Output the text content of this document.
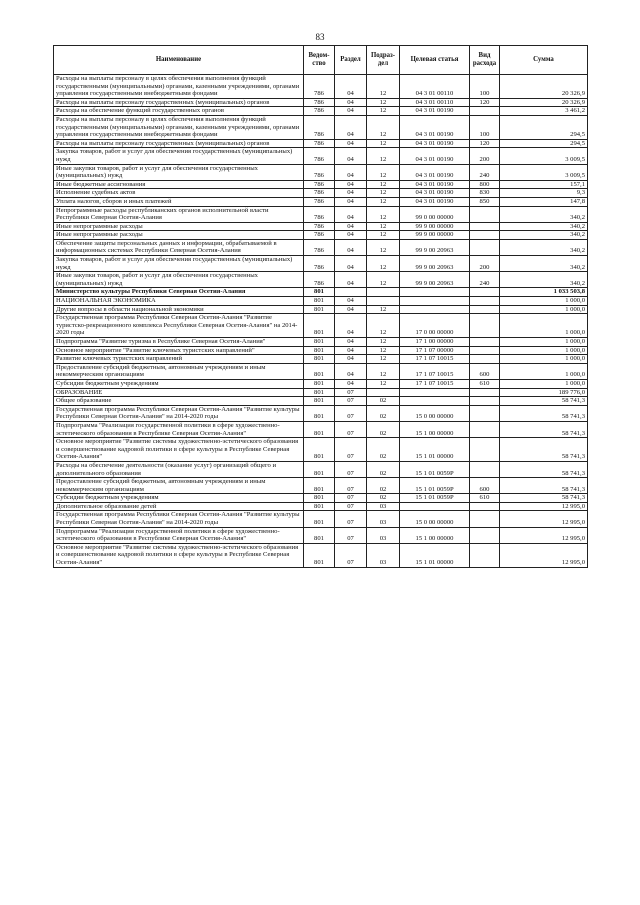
83
Наименование	Ведом-ство	Раздел	Подраз-дел	Целевая статья	Вид расхода	Сумма
Расходы на выплаты персоналу в целях обеспечения выполнения функций государственными (муниципальными) органами, казенными учреждениями, органами управления государственными внебюджетными фондами	786	04	12	04 3 01 00110	100	20 326,9
Расходы на выплаты персоналу государственных (муниципальных) органов	786	04	12	04 3 01 00110	120	20 326,9
Расходы на обеспечение функций государственных органов	786	04	12	04 3 01 00190		3 461,2
Расходы на выплаты персоналу в целях обеспечения выполнения функций государственными (муниципальными) органами, казенными учреждениями, органами управления государственными внебюджетными фондами	786	04	12	04 3 01 00190	100	294,5
Расходы на выплаты персоналу государственных (муниципальных) органов	786	04	12	04 3 01 00190	120	294,5
Закупка товаров, работ и услуг для обеспечения государственных (муниципальных) нужд	786	04	12	04 3 01 00190	200	3 009,5
Иные закупки товаров, работ и услуг для обеспечения государственных (муниципальных) нужд	786	04	12	04 3 01 00190	240	3 009,5
Иные бюджетные ассигнования	786	04	12	04 3 01 00190	800	157,1
Исполнение судебных актов	786	04	12	04 3 01 00190	830	9,3
Уплата налогов, сборов и иных платежей	786	04	12	04 3 01 00190	850	147,8
Непрограммные расходы республиканских органов исполнительной власти Республики Северная Осетия-Алания	786	04	12	99 0 00 00000		340,2
Иные непрограммные расходы	786	04	12	99 9 00 00000		340,2
Иные непрограммные расходы	786	04	12	99 9 00 00000		340,2
Обеспечение защиты персональных данных и информации, обрабатываемой в информационных системах Республики Северная Осетия-Алания	786	04	12	99 9 00 20963		340,2
Закупка товаров, работ и услуг для обеспечения государственных (муниципальных) нужд	786	04	12	99 9 00 20963	200	340,2
Иные закупки товаров, работ и услуг для обеспечения государственных (муниципальных) нужд	786	04	12	99 9 00 20963	240	340,2
Министерство культуры Республики Северная Осетия-Алания	801					1 033 503,8
НАЦИОНАЛЬНАЯ ЭКОНОМИКА	801	04				1 000,0
Другие вопросы в области национальной экономики	801	04	12			1 000,0
Государственная программа Республики Северная Осетия-Алания "Развитие туристско-рекреационного комплекса Республики Северная Осетия-Алания" на 2014-2020 годы	801	04	12	17 0 00 00000		1 000,0
Подпрограмма "Развитие туризма в Республике Северная Осетия-Алания"	801	04	12	17 1 00 00000		1 000,0
Основное мероприятие "Развитие ключевых туристских направлений"	801	04	12	17 1 07 00000		1 000,0
Развитие ключевых туристских направлений	801	04	12	17 1 07 10015		1 000,0
Предоставление субсидий бюджетным, автономным учреждениям и иным некоммерческим организациям	801	04	12	17 1 07 10015	600	1 000,0
Субсидии бюджетным учреждениям	801	04	12	17 1 07 10015	610	1 000,0
ОБРАЗОВАНИЕ	801	07				189 776,0
Общее образование	801	07	02			58 741,3
Государственная программа Республики Северная Осетия-Алания "Развитие культуры Республики Северная Осетия-Алания" на 2014-2020 годы	801	07	02	15 0 00 00000		58 741,3
Подпрограмма "Реализация государственной политики в сфере художественно-эстетического образования в Республике Северная Осетия-Алания"	801	07	02	15 1 00 00000		58 741,3
Основное мероприятие "Развитие системы художественно-эстетического образования и совершенствование кадровой политики в сфере культуры в Республике Северная Осетия-Алания"	801	07	02	15 1 01 00000		58 741,3
Расходы на обеспечение деятельности (оказание услуг) организаций общего и дополнительного образования	801	07	02	15 1 01 0059P		58 741,3
Предоставление субсидий бюджетным, автономным учреждениям и иным некоммерческим организациям	801	07	02	15 1 01 0059P	600	58 741,3
Субсидии бюджетным учреждениям	801	07	02	15 1 01 0059P	610	58 741,3
Дополнительное образование детей	801	07	03			12 995,0
Государственная программа Республики Северная Осетия-Алания "Развитие культуры Республики Северная Осетия-Алания" на 2014-2020 годы	801	07	03	15 0 00 00000		12 995,0
Подпрограмма "Реализация государственной политики в сфере художественно-эстетического образования в Республике Северная Осетия-Алания"	801	07	03	15 1 00 00000		12 995,0
Основное мероприятие "Развитие системы художественно-эстетического образования и совершенствование кадровой политики в сфере культуры в Республике Северная Осетия-Алания"	801	07	03	15 1 01 00000		12 995,0
